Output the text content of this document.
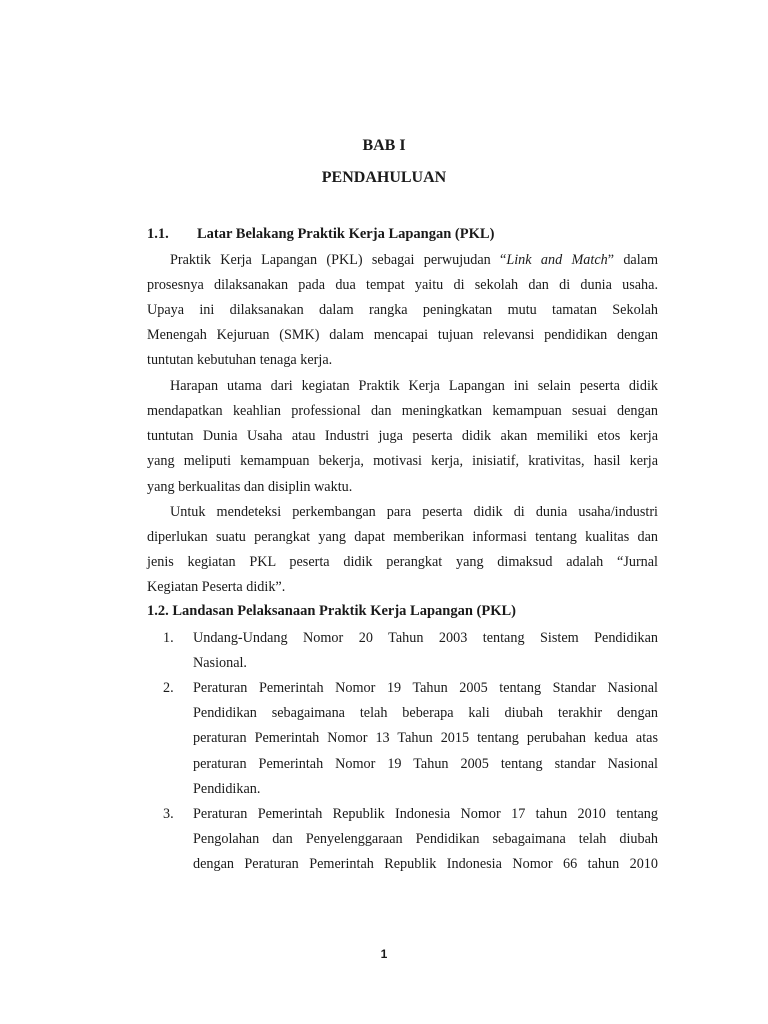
BAB I
PENDAHULUAN
1.1. Latar Belakang Praktik Kerja Lapangan (PKL)
Praktik Kerja Lapangan (PKL) sebagai perwujudan “Link and Match” dalam
prosesnya dilaksanakan pada dua tempat yaitu di sekolah dan di dunia usaha.
Upaya ini dilaksanakan dalam rangka peningkatan mutu tamatan Sekolah
Menengah Kejuruan (SMK) dalam mencapai tujuan relevansi pendidikan dengan
tuntutan kebutuhan tenaga kerja.
Harapan utama dari kegiatan Praktik Kerja Lapangan ini selain peserta didik
mendapatkan keahlian professional dan meningkatkan kemampuan sesuai dengan
tuntutan Dunia Usaha atau Industri juga peserta didik akan memiliki etos kerja
yang meliputi kemampuan bekerja, motivasi kerja, inisiatif, krativitas, hasil kerja
yang berkualitas dan disiplin waktu.
Untuk mendeteksi perkembangan para peserta didik di dunia usaha/industri
diperlukan suatu perangkat yang dapat memberikan informasi tentang kualitas dan
jenis kegiatan PKL peserta didik perangkat yang dimaksud adalah “Jurnal
Kegiatan Peserta didik”.
1.2. Landasan Pelaksanaan Praktik Kerja Lapangan (PKL)
1. Undang-Undang Nomor 20 Tahun 2003 tentang Sistem Pendidikan
Nasional.
2. Peraturan Pemerintah Nomor 19 Tahun 2005 tentang Standar Nasional
Pendidikan sebagaimana telah beberapa kali diubah terakhir dengan
peraturan Pemerintah Nomor 13 Tahun 2015 tentang perubahan kedua atas
peraturan Pemerintah Nomor 19 Tahun 2005 tentang standar Nasional
Pendidikan.
3. Peraturan Pemerintah Republik Indonesia Nomor 17 tahun 2010 tentang
Pengolahan dan Penyelenggaraan Pendidikan sebagaimana telah diubah
dengan Peraturan Pemerintah Republik Indonesia Nomor 66 tahun 2010
1
